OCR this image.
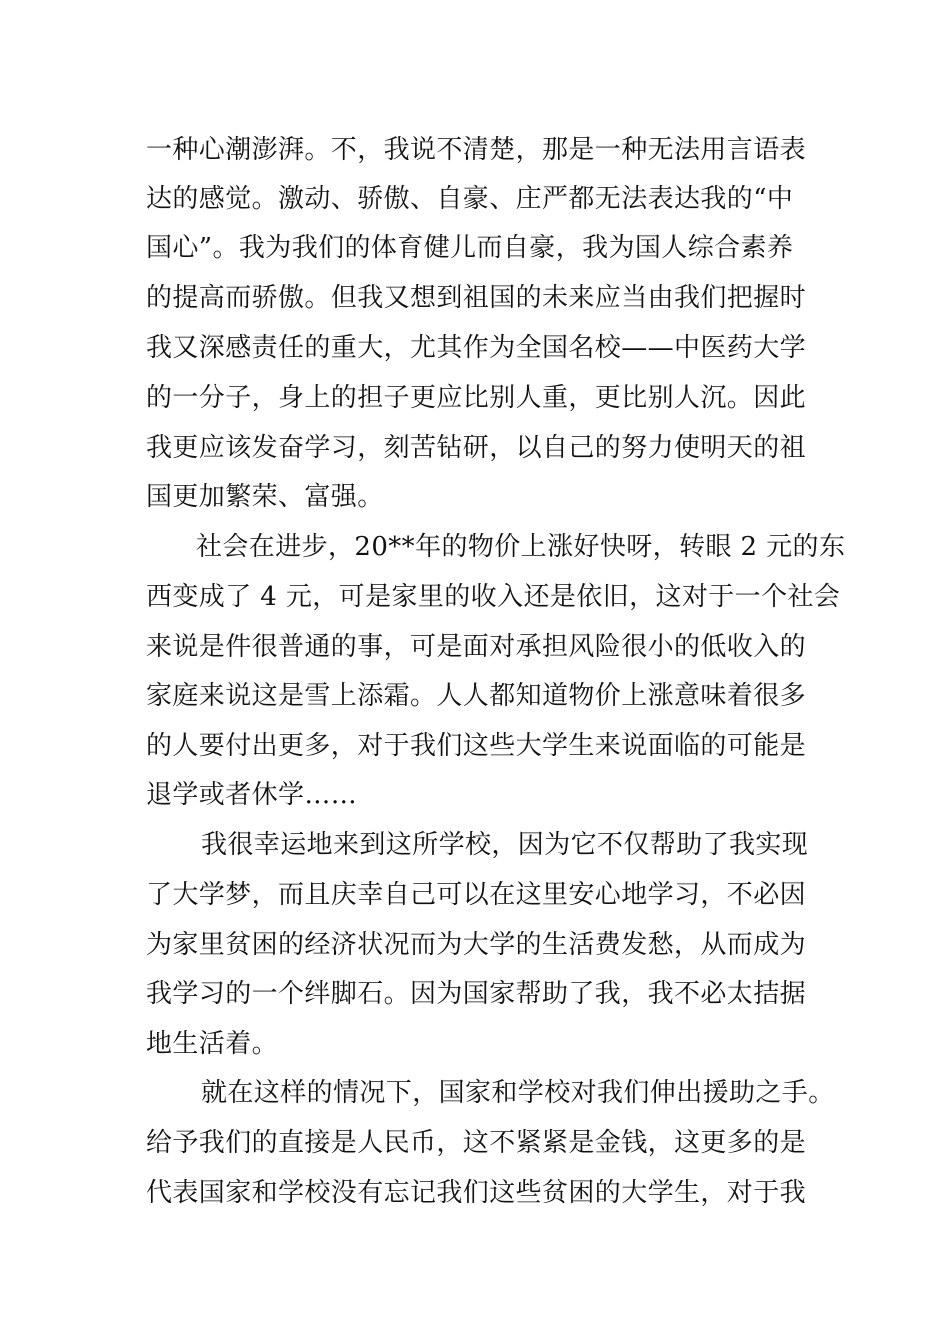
一种心潮澎湃。不，我说不清楚，那是一种无法用言语表
达的感觉。激动、骄傲、自豪、庄严都无法表达我的“中
国心”。我为我们的体育健儿而自豪，我为国人综合素养
的提高而骄傲。但我又想到祖国的未来应当由我们把握时
我又深感责任的重大，尤其作为全国名校——中医药大学
的一分子，身上的担子更应比别人重，更比别人沉。因此
我更应该发奋学习，刻苦钻研，以自己的努力使明天的祖
国更加繁荣、富强。
社会在进步，20**年的物价上涨好快呀，转眼 2 元的东
西变成了 4 元，可是家里的收入还是依旧，这对于一个社会
来说是件很普通的事，可是面对承担风险很小的低收入的
家庭来说这是雪上添霜。人人都知道物价上涨意味着很多
的人要付出更多，对于我们这些大学生来说面临的可能是
退学或者休学……
我很幸运地来到这所学校，因为它不仅帮助了我实现
了大学梦，而且庆幸自己可以在这里安心地学习，不必因
为家里贫困的经济状况而为大学的生活费发愁，从而成为
我学习的一个绊脚石。因为国家帮助了我，我不必太拮据
地生活着。
就在这样的情况下，国家和学校对我们伸出援助之手。
给予我们的直接是人民币，这不紧紧是金钱，这更多的是
代表国家和学校没有忘记我们这些贫困的大学生，对于我
